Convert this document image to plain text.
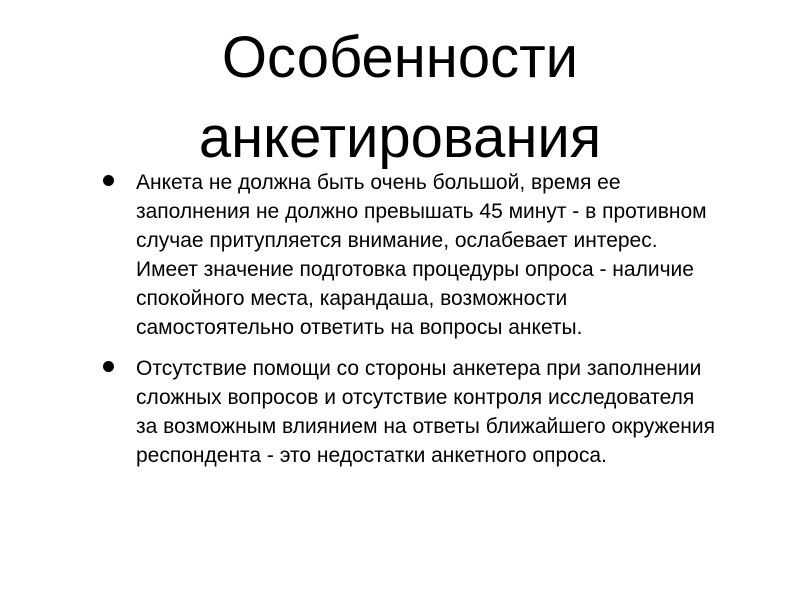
Особенности
анкетирования
Анкета не должна быть очень большой, время ее заполнения не должно превышать 45 минут - в противном случае притупляется внимание, ослабевает интерес. Имеет значение подготовка процедуры опроса - наличие спокойного места, карандаша, возможности самостоятельно ответить на вопросы анкеты.
Отсутствие помощи со стороны анкетера при заполнении сложных вопросов и отсутствие контроля исследователя за возможным влиянием на ответы ближайшего окружения респондента - это недостатки анкетного опроса.
